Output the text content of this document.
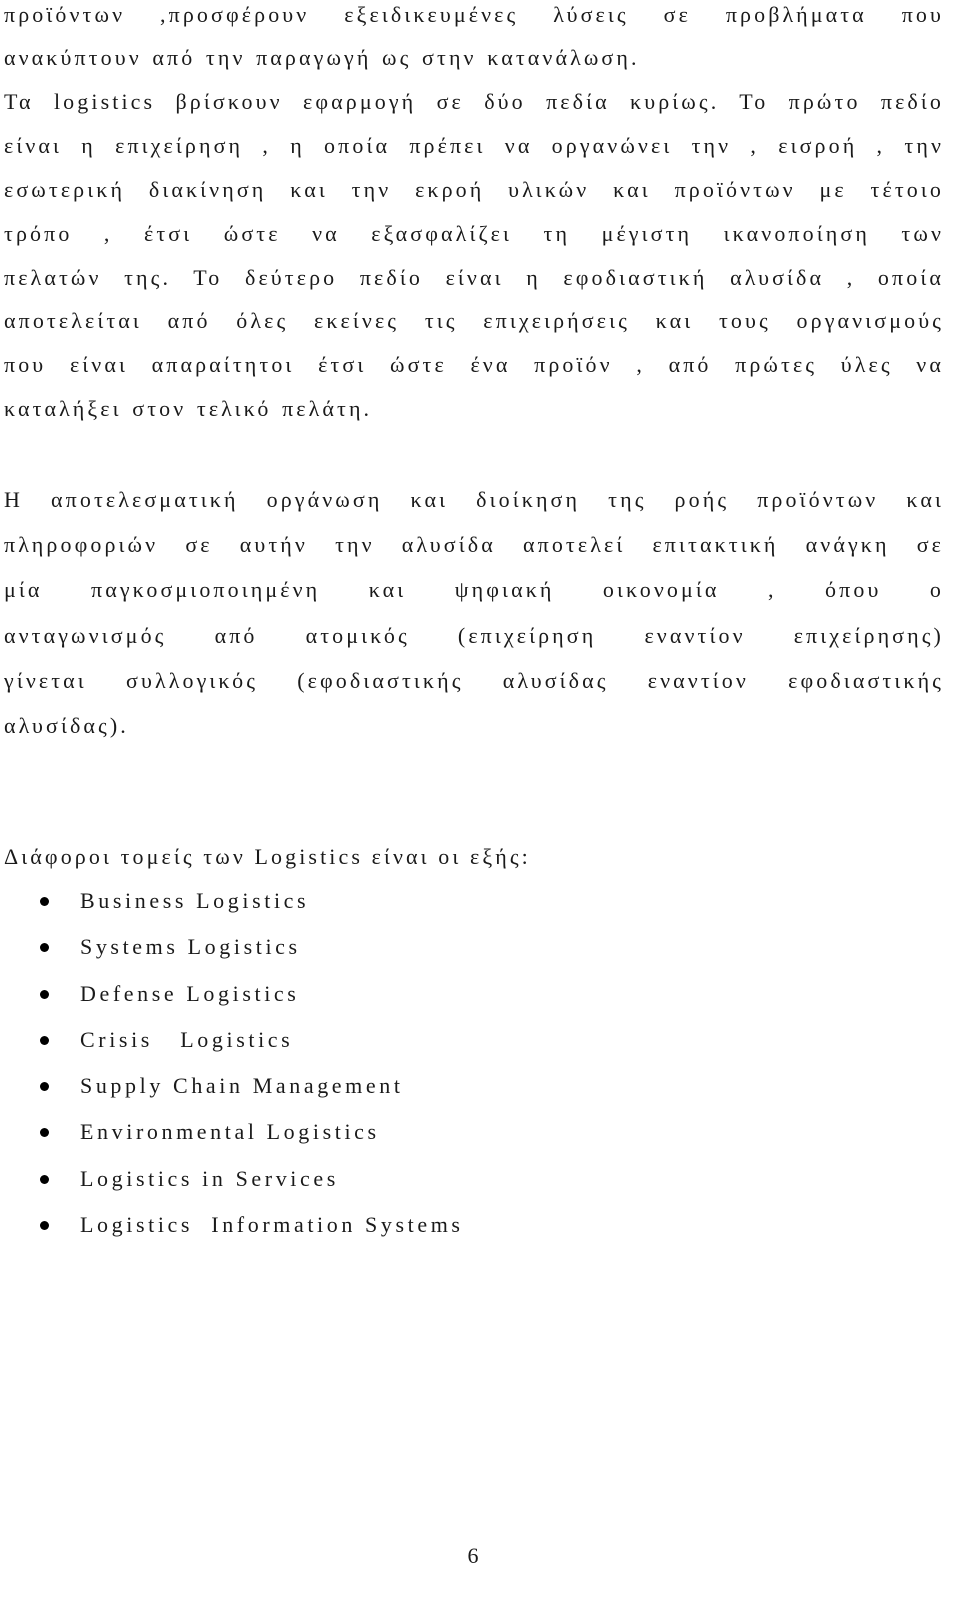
προϊόντων ,προσφέρουν εξειδικευμένες λύσεις σε προβλήματα που
ανακύπτουν από την παραγωγή ως στην κατανάλωση.
Τα logistics βρίσκουν εφαρμογή σε δύο πεδία κυρίως. Το πρώτο πεδίο
είναι η επιχείρηση , η οποία πρέπει να οργανώνει την , εισροή , την
εσωτερική διακίνηση και την εκροή υλικών και προϊόντων με τέτοιο
τρόπο , έτσι ώστε να εξασφαλίζει τη μέγιστη ικανοποίηση των
πελατών της. Το δεύτερο πεδίο είναι η εφοδιαστική αλυσίδα , οποία
αποτελείται από όλες εκείνες τις επιχειρήσεις και τους οργανισμούς
που είναι απαραίτητοι έτσι ώστε ένα προϊόν , από πρώτες ύλες να
καταλήξει στον τελικό πελάτη.
Η αποτελεσματική οργάνωση και διοίκηση της ροής προϊόντων και
πληροφοριών σε αυτήν την αλυσίδα αποτελεί επιτακτική ανάγκη σε
μία παγκοσμιοποιημένη και ψηφιακή οικονομία , όπου ο
ανταγωνισμός από ατομικός (επιχείρηση εναντίον επιχείρησης)
γίνεται συλλογικός (εφοδιαστικής αλυσίδας εναντίον εφοδιαστικής
αλυσίδας).
Διάφοροι τομείς των Logistics είναι οι εξής:
Business Logistics
Systems Logistics
Defense Logistics
Crisis   Logistics
Supply Chain Management
Environmental Logistics
Logistics in Services
Logistics  Information Systems
6
